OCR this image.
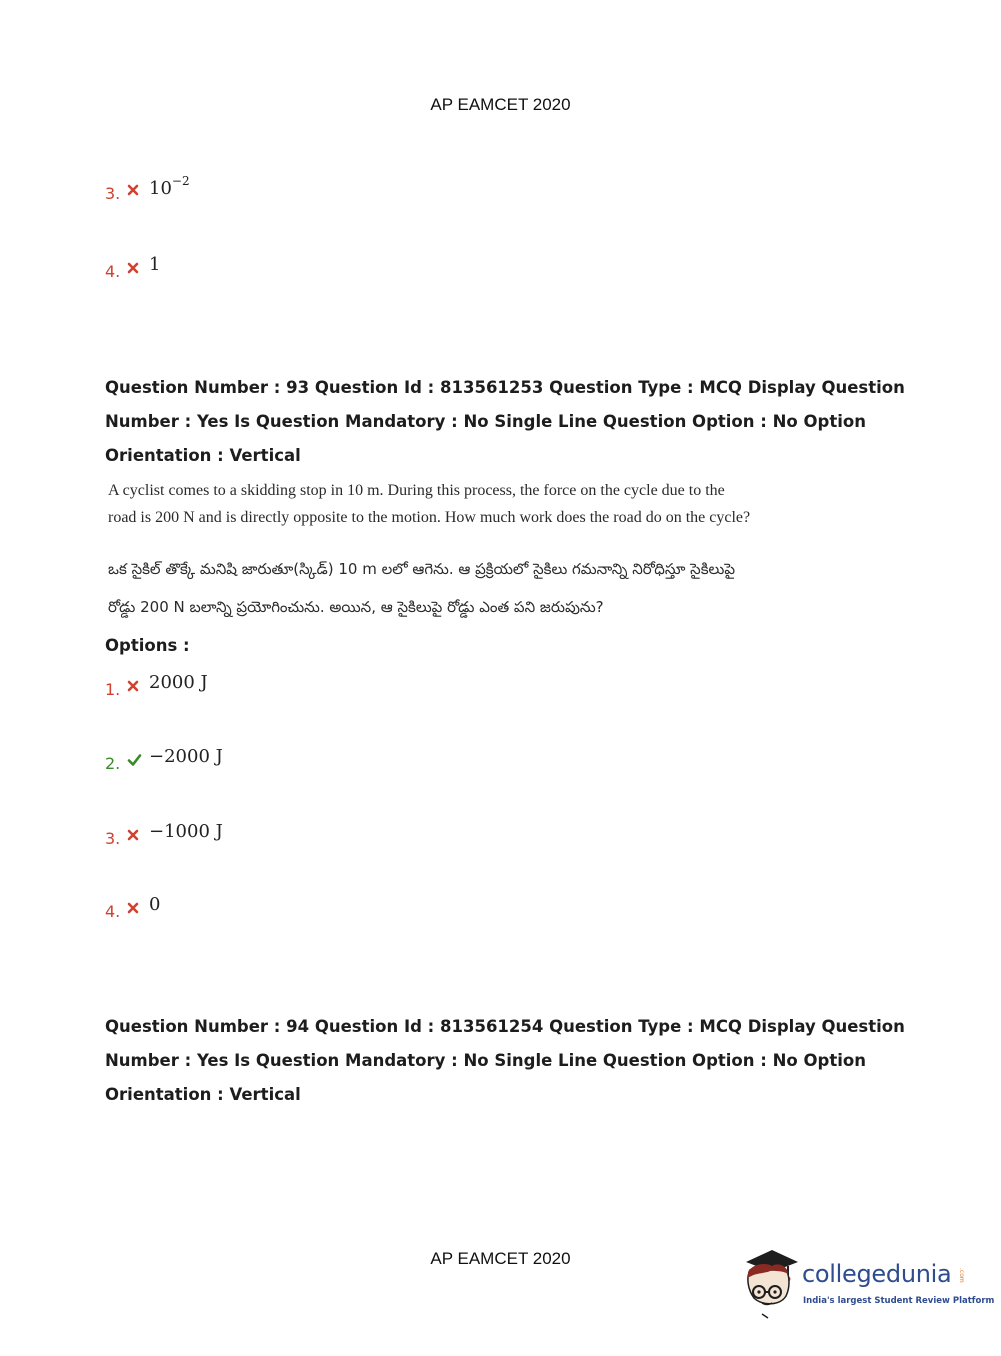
AP EAMCET 2020
3. $10^{-2}$
4. 1
Question Number : 93 Question Id : 813561253 Question Type : MCQ Display Question
Number : Yes Is Question Mandatory : No Single Line Question Option : No Option
Orientation : Vertical
A cyclist comes to a skidding stop in 10 m. During this process, the force on the cycle due to the
road is 200 N and is directly opposite to the motion. How much work does the road do on the cycle?
ఒక సైకిల్ తొక్కే మనిషి జారుతూ(స్కిడ్) 10 m లలో ఆగెను. ఆ ప్రక్రియలో సైకిలు గమనాన్ని నిరోధిస్తూ సైకిలుపై
రోడ్డు 200 N బలాన్ని ప్రయోగించును. అయిన, ఆ సైకిలుపై రోడ్డు ఎంత పని జరుపును?
Options :
1. 2000 J
2. −2000 J
3. −1000 J
4. 0
Question Number : 94 Question Id : 813561254 Question Type : MCQ Display Question
Number : Yes Is Question Mandatory : No Single Line Question Option : No Option
Orientation : Vertical
AP EAMCET 2020
collegedunia .com
India's largest Student Review Platform
